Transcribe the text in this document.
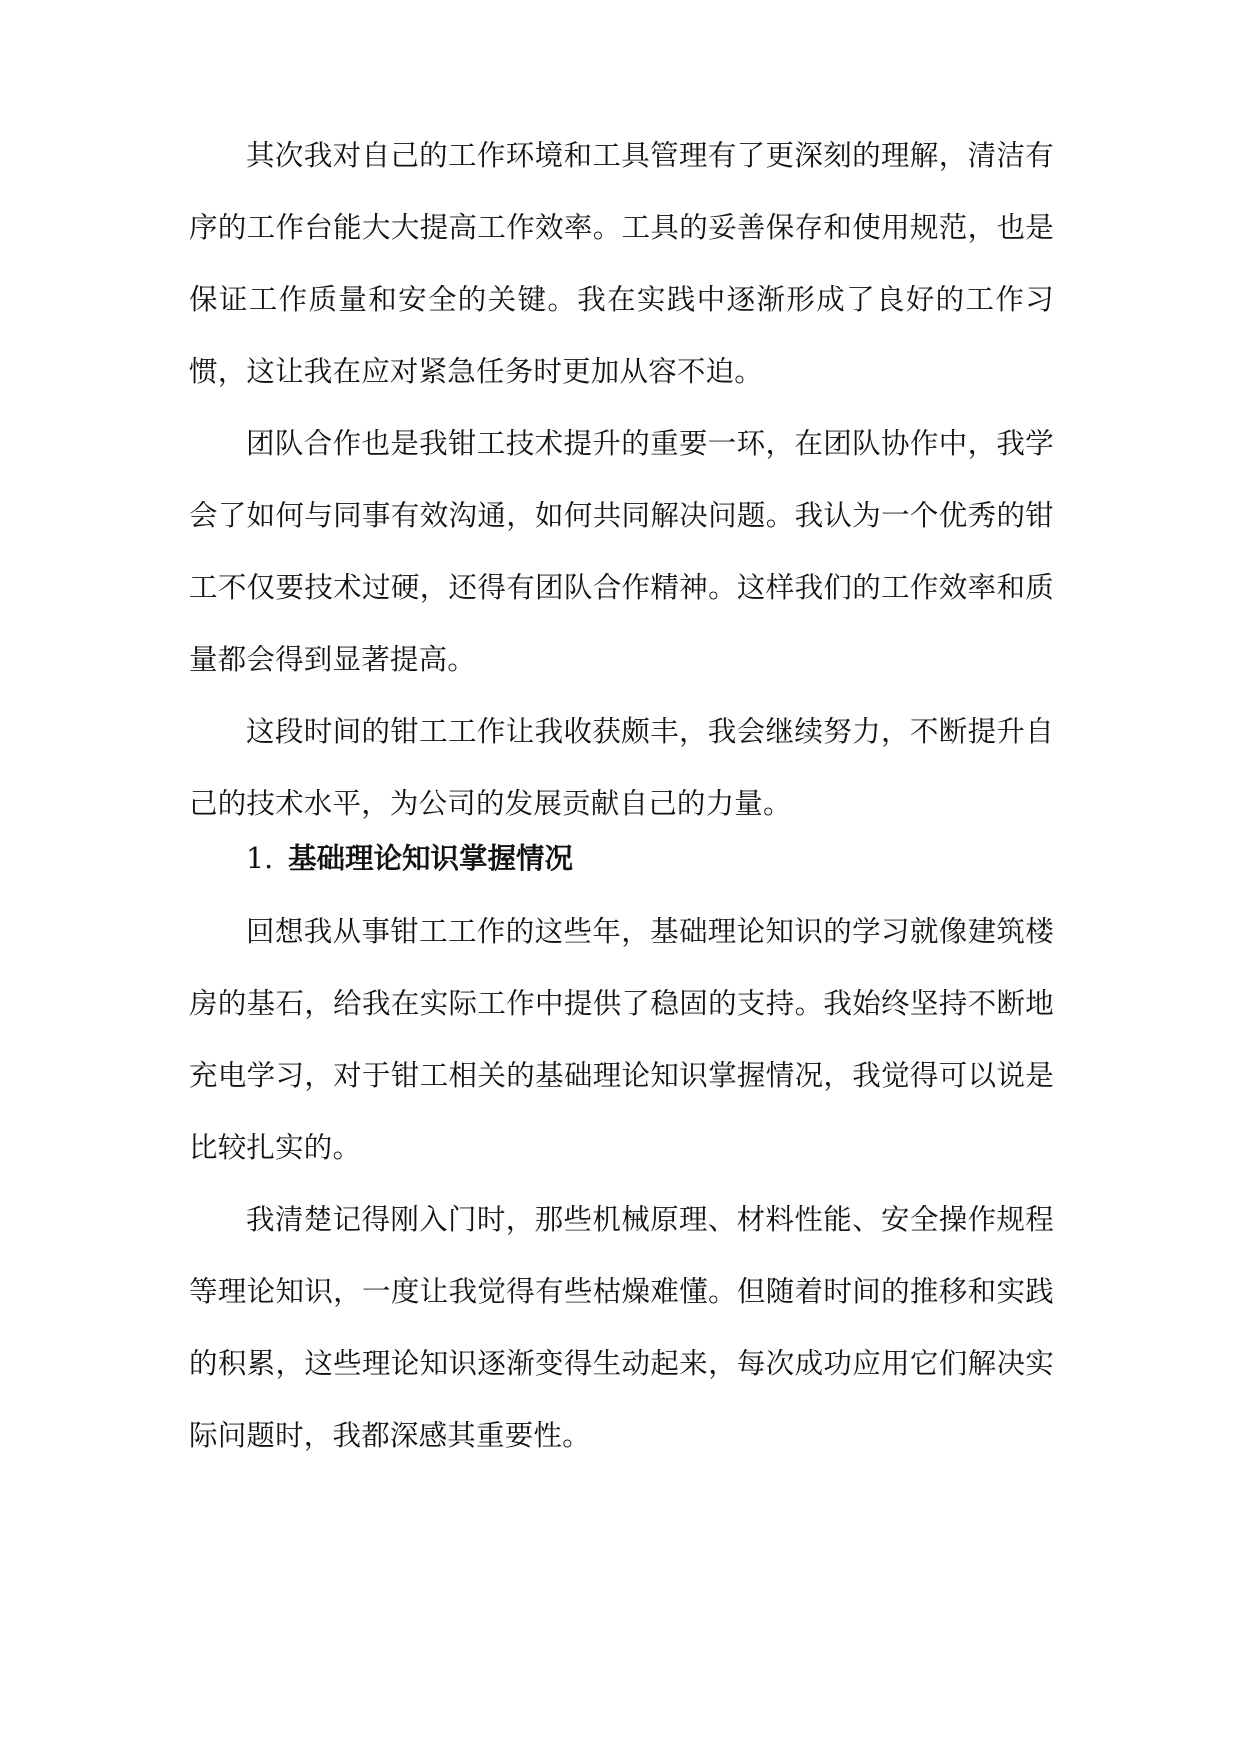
其次我对自己的工作环境和工具管理有了更深刻的理解，清洁有序的工作台能大大提高工作效率。工具的妥善保存和使用规范，也是保证工作质量和安全的关键。我在实践中逐渐形成了良好的工作习惯，这让我在应对紧急任务时更加从容不迫。

团队合作也是我钳工技术提升的重要一环，在团队协作中，我学会了如何与同事有效沟通，如何共同解决问题。我认为一个优秀的钳工不仅要技术过硬，还得有团队合作精神。这样我们的工作效率和质量都会得到显著提高。

这段时间的钳工工作让我收获颇丰，我会继续努力，不断提升自己的技术水平，为公司的发展贡献自己的力量。

1. 基础理论知识掌握情况

回想我从事钳工工作的这些年，基础理论知识的学习就像建筑楼房的基石，给我在实际工作中提供了稳固的支持。我始终坚持不断地充电学习，对于钳工相关的基础理论知识掌握情况，我觉得可以说是比较扎实的。

我清楚记得刚入门时，那些机械原理、材料性能、安全操作规程等理论知识，一度让我觉得有些枯燥难懂。但随着时间的推移和实践的积累，这些理论知识逐渐变得生动起来，每次成功应用它们解决实际问题时，我都深感其重要性。
